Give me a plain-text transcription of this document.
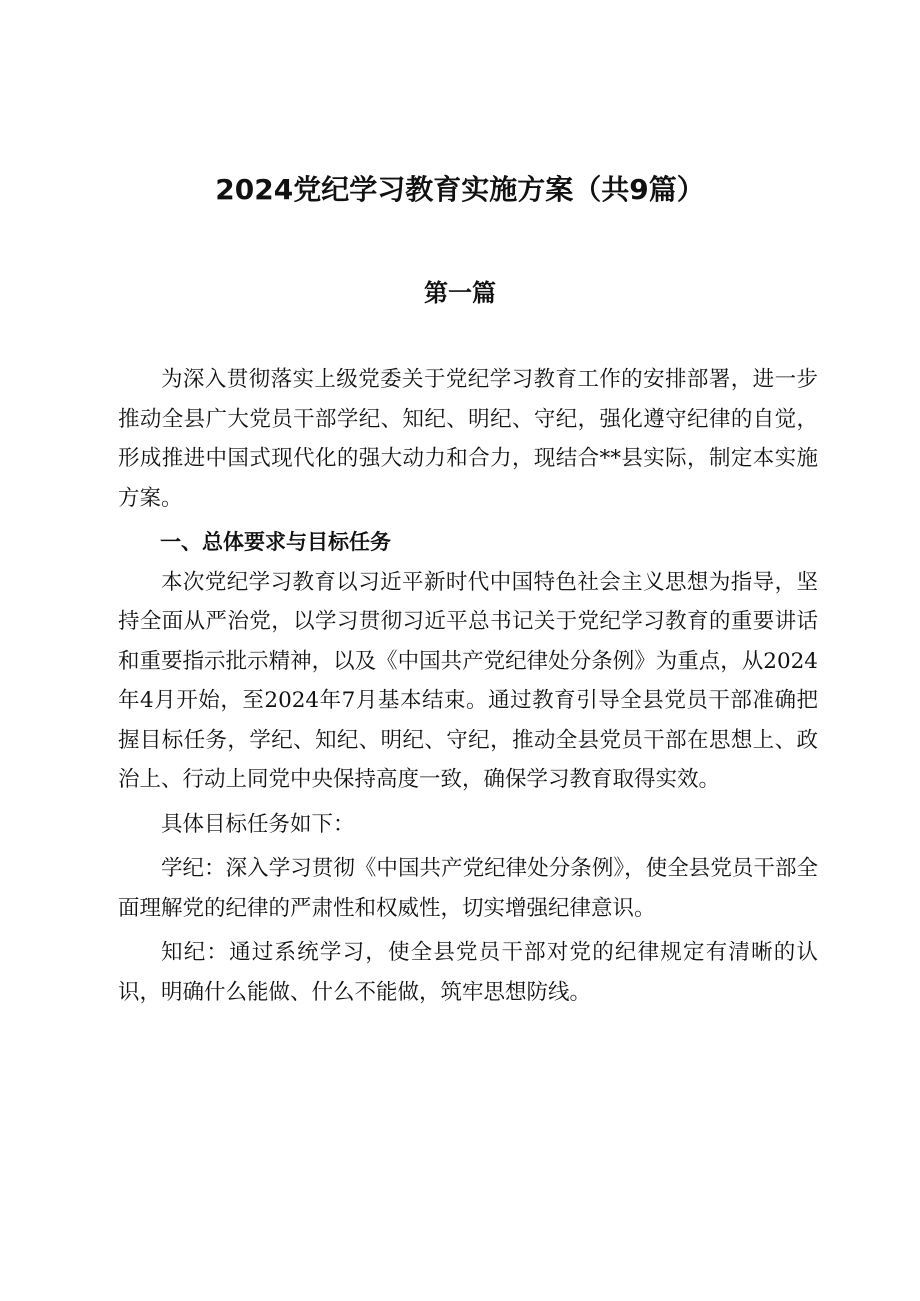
2024党纪学习教育实施方案（共9篇）
第一篇

为深入贯彻落实上级党委关于党纪学习教育工作的安排部署，进一步推动全县广大党员干部学纪、知纪、明纪、守纪，强化遵守纪律的自觉，形成推进中国式现代化的强大动力和合力，现结合**县实际，制定本实施方案。

一、总体要求与目标任务

本次党纪学习教育以习近平新时代中国特色社会主义思想为指导，坚持全面从严治党，以学习贯彻习近平总书记关于党纪学习教育的重要讲话和重要指示批示精神，以及《中国共产党纪律处分条例》为重点，从2024年4月开始，至2024年7月基本结束。通过教育引导全县党员干部准确把握目标任务，学纪、知纪、明纪、守纪，推动全县党员干部在思想上、政治上、行动上同党中央保持高度一致，确保学习教育取得实效。

具体目标任务如下：

学纪：深入学习贯彻《中国共产党纪律处分条例》，使全县党员干部全面理解党的纪律的严肃性和权威性，切实增强纪律意识。

知纪：通过系统学习，使全县党员干部对党的纪律规定有清晰的认识，明确什么能做、什么不能做，筑牢思想防线。
